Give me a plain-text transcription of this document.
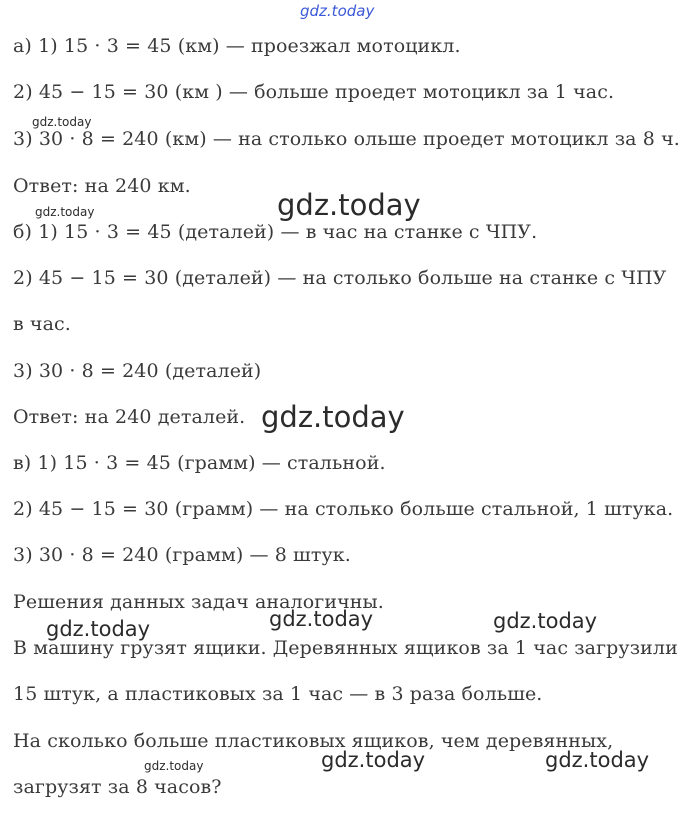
gdz.today
gdz.today
gdz.today
gdz.today
gdz.today
gdz.today	gdz.today
gdz.today
gdz.today	gdz.today	gdz.today
а) 1) 15 · 3 = 45 (км) — проезжал мотоцикл.
2) 45 − 15 = 30 (км ) — больше проедет мотоцикл за 1 час.
3) 30 · 8 = 240 (км) — на столько ольше проедет мотоцикл за 8 ч.
Ответ: на 240 км.
б) 1) 15 · 3 = 45 (деталей) — в час на станке с ЧПУ.
2) 45 − 15 = 30 (деталей) — на столько больше на станке с ЧПУ
в час.
3) 30 · 8 = 240 (деталей)
Ответ: на 240 деталей.
в) 1) 15 · 3 = 45 (грамм) — стальной.
2) 45 − 15 = 30 (грамм) — на столько больше стальной, 1 штука.
3) 30 · 8 = 240 (грамм) — 8 штук.
Решения данных задач аналогичны.
В машину грузят ящики. Деревянных ящиков за 1 час загрузили
15 штук, а пластиковых за 1 час — в 3 раза больше.
На сколько больше пластиковых ящиков, чем деревянных,
загрузят за 8 часов?
